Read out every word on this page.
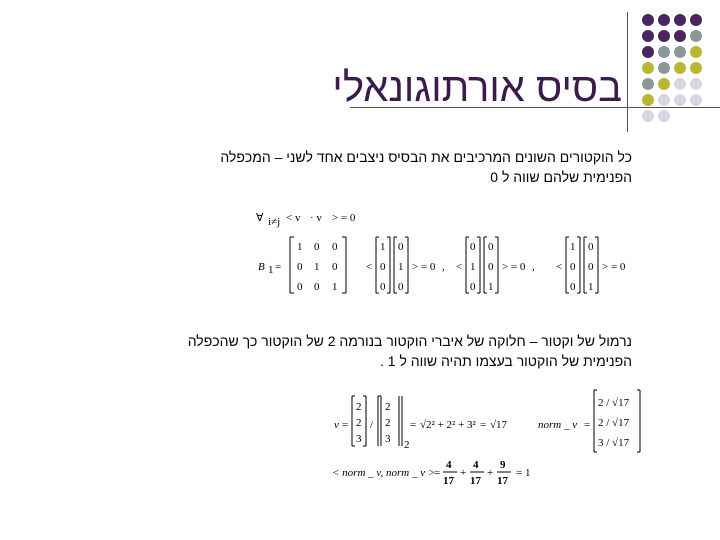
בסיס אורתוגונאלי
כל הוקטורים השונים המרכיבים את הבסיס ניצבים אחד לשני – המכפלה
הפנימית שלהם שווה ל 0
∀ i≠j < v · v > = 0
B 1 =
1 0 0
0 1 0
0 0 1
1
0
0
<
0
1
0
> = 0 ,
0
1
0
<
0
0
1
> = 0 ,
1
0
0
<
0
0
1
> = 0
נרמול של וקטור – חלוקה של איברי הוקטור בנורמה 2 של הוקטור כך שהכפלה
הפנימית של הוקטור בעצמו תהיה שווה ל 1 .
v =
2
2
3
/
2
2
3 2
= √2² + 2² + 3² = √17	norm _ v =
2 / √17
2 / √17
3 / √17
< norm _ v, norm _ v >
=
4
17
+
4
17
+
9
17
= 1
